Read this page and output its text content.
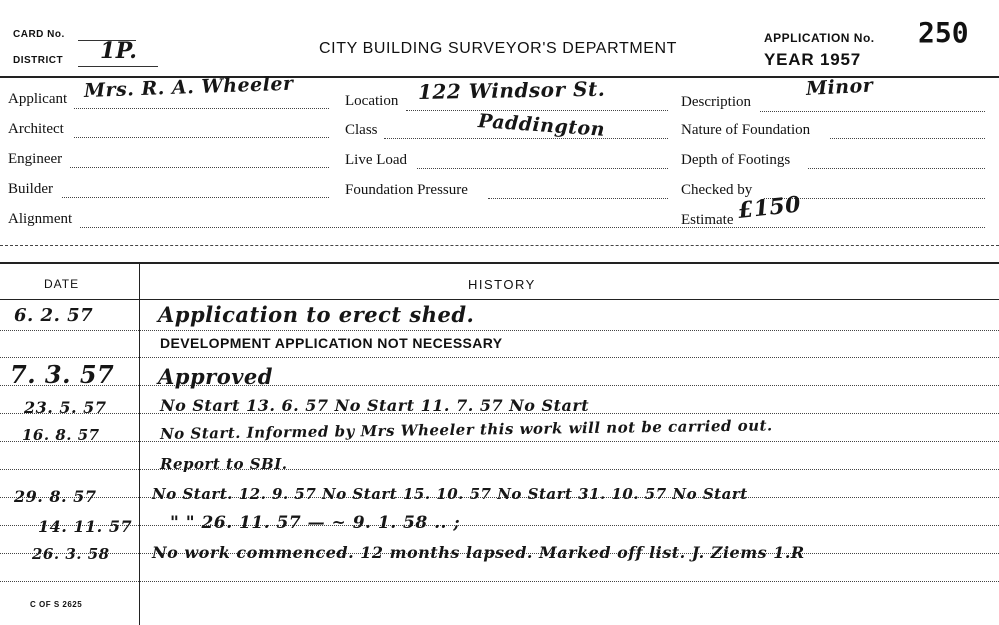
CARD No.
DISTRICT 1P.	CITY BUILDING SURVEYOR'S DEPARTMENT
APPLICATION No. 250
YEAR 1957
Applicant Mrs. R. A. Wheeler
Architect
Engineer
Builder
Alignment
Location 122 Windsor St.
Class	Paddington
Live Load
Foundation Pressure
Description
Minor
Nature of Foundation
Depth of Footings
Checked by
Estimate £150
DATE	HISTORY
6. 2. 57	Application to erect shed.
DEVELOPMENT APPLICATION NOT NECESSARY
7. 3. 57 Approved
23. 5. 57	No Start 13. 6. 57 No Start 11. 7. 57 No Start
16. 8. 57	No Start. Informed by Mrs Wheeler this work will not be carried out.
Report to SBI.
29. 8. 57	No Start. 12. 9. 57 No Start 15. 10. 57 No Start 31. 10. 57 No Start
14. 11. 57 " " 26. 11. 57 — ~ 9. 1. 58 .. ;
26. 3. 58	No work commenced. 12 months lapsed. Marked off list. J. Ziems 1.R
C OF S 2625
